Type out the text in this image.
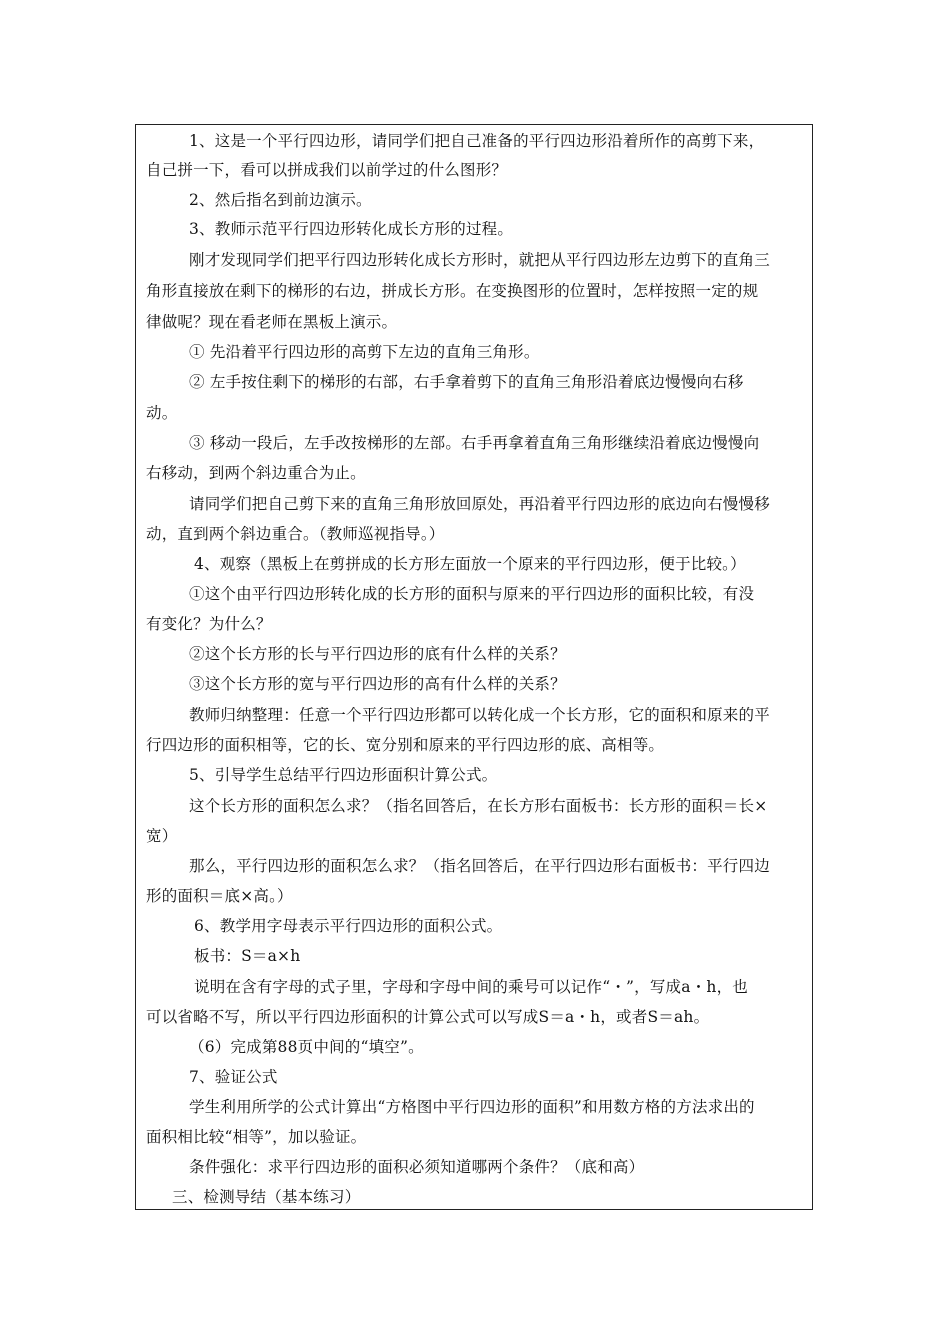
1、这是一个平行四边形，请同学们把自己准备的平行四边形沿着所作的高剪下来，
自己拼一下，看可以拼成我们以前学过的什么图形？
2、然后指名到前边演示。
3、教师示范平行四边形转化成长方形的过程。
刚才发现同学们把平行四边形转化成长方形时，就把从平行四边形左边剪下的直角三
角形直接放在剩下的梯形的右边，拼成长方形。在变换图形的位置时，怎样按照一定的规
律做呢？现在看老师在黑板上演示。
① 先沿着平行四边形的高剪下左边的直角三角形。
② 左手按住剩下的梯形的右部，右手拿着剪下的直角三角形沿着底边慢慢向右移
动。
③ 移动一段后，左手改按梯形的左部。右手再拿着直角三角形继续沿着底边慢慢向
右移动，到两个斜边重合为止。
请同学们把自己剪下来的直角三角形放回原处，再沿着平行四边形的底边向右慢慢移
动，直到两个斜边重合。（教师巡视指导。）
4、观察（黑板上在剪拼成的长方形左面放一个原来的平行四边形，便于比较。）
①这个由平行四边形转化成的长方形的面积与原来的平行四边形的面积比较，有没
有变化？为什么？
②这个长方形的长与平行四边形的底有什么样的关系？
③这个长方形的宽与平行四边形的高有什么样的关系？
教师归纳整理：任意一个平行四边形都可以转化成一个长方形，它的面积和原来的平
行四边形的面积相等，它的长、宽分别和原来的平行四边形的底、高相等。
5、引导学生总结平行四边形面积计算公式。
这个长方形的面积怎么求？（指名回答后，在长方形右面板书：长方形的面积＝长×
宽）
那么，平行四边形的面积怎么求？（指名回答后，在平行四边形右面板书：平行四边
形的面积＝底×高。）
6、教学用字母表示平行四边形的面积公式。
板书：S＝a×h
说明在含有字母的式子里，字母和字母中间的乘号可以记作“・”，写成a・h，也
可以省略不写，所以平行四边形面积的计算公式可以写成S＝a・h，或者S＝ah。
（6）完成第88页中间的“填空”。
7、验证公式
学生利用所学的公式计算出“方格图中平行四边形的面积”和用数方格的方法求出的
面积相比较“相等”，加以验证。
条件强化：求平行四边形的面积必须知道哪两个条件？（底和高）
三、检测导结（基本练习）
